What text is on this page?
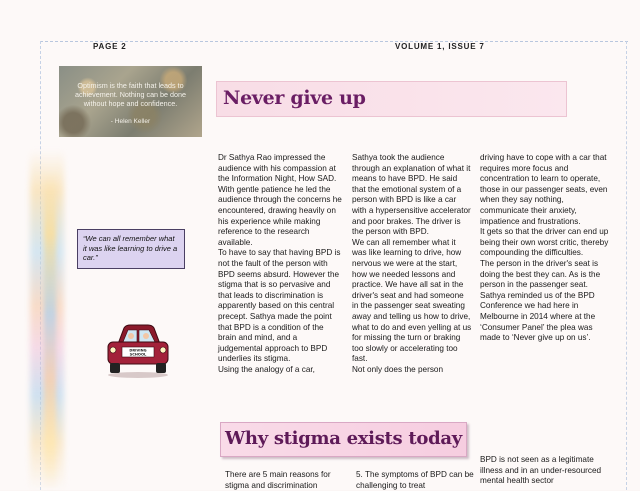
PAGE 2	VOLUME 1, ISSUE 7
Optimism is the faith that leads to achievement. Nothing can be done without hope and confidence.
- Helen Keller
“We can all remember what it was like learning to drive a car.”
DRIVING
SCHOOL
Never give up

Dr Sathya Rao impressed the audience with his compassion at the Information Night, How SAD.

With gentle patience he led the audience through the concerns he encountered, drawing heavily on his experience while making reference to the research available.

To have to say that having BPD is not the fault of the person with BPD seems absurd. However the stigma that is so pervasive and that leads to discrimination is apparently based on this central precept. Sathya made the point that BPD is a condition of the brain and mind, and a judgemental approach to BPD underlies its stigma.

Using the analogy of a car,

Sathya took the audience through an explanation of what it means to have BPD. He said that the emotional system of a person with BPD is like a car with a hypersensitive accelerator and poor brakes. The driver is the person with BPD.

We can all remember what it was like learning to drive, how nervous we were at the start, how we needed lessons and practice. We have all sat in the driver's seat and had someone in the passenger seat sweating away and telling us how to drive, what to do and even yelling at us for missing the turn or braking too slowly or accelerating too fast.

Not only does the person

driving have to cope with a car that requires more focus and concentration to learn to operate, those in our passenger seats, even when they say nothing, communicate their anxiety, impatience and frustrations.

It gets so that the driver can end up being their own worst critic, thereby compounding the difficulties.

The person in the driver's seat is doing the best they can. As is the person in the passenger seat.

Sathya reminded us of the BPD Conference we had here in Melbourne in 2014 where at the ‘Consumer Panel’ the plea was made to ‘Never give up on us’.

Why stigma exists today
There are 5 main reasons for stigma and discrimination
5. The symptoms of BPD can be challenging to treat
BPD is not seen as a legitimate illness and in an under-resourced mental health sector
